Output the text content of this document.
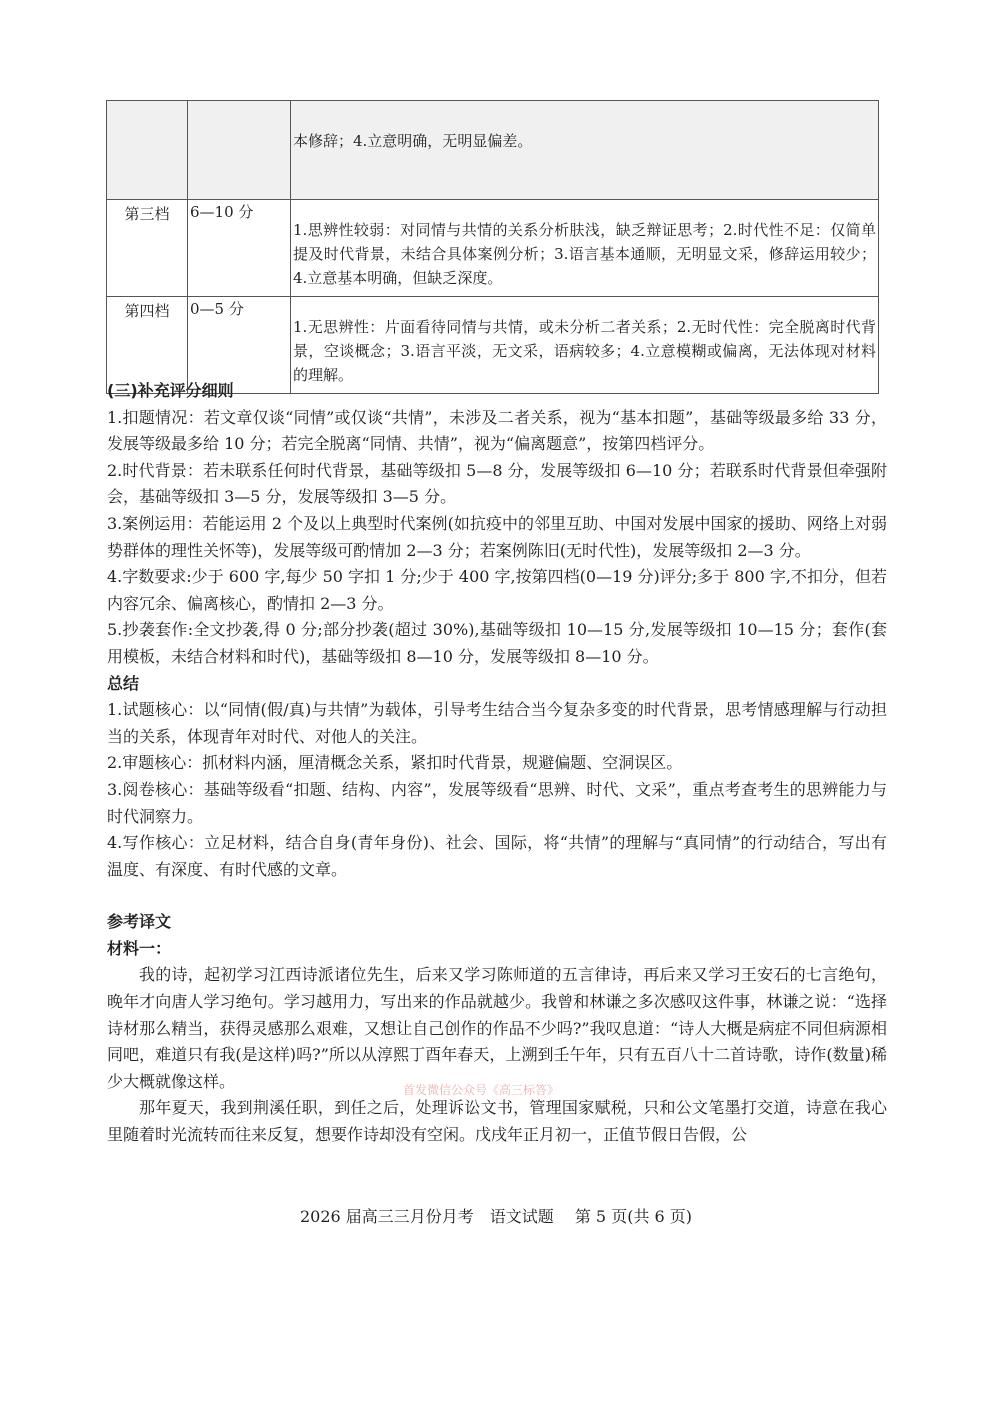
		本修辞；4.立意明确，无明显偏差。
第三档	6—10 分	1.思辨性较弱：对同情与共情的关系分析肤浅，缺乏辩证思考；2.时代性不足：仅简单提及时代背景，未结合具体案例分析；3.语言基本通顺，无明显文采，修辞运用较少；4.立意基本明确，但缺乏深度。
第四档	0—5 分	1.无思辨性：片面看待同情与共情，或未分析二者关系；2.无时代性：完全脱离时代背景，空谈概念；3.语言平淡，无文采，语病较多；4.立意模糊或偏离，无法体现对材料的理解。

(三)补充评分细则

1.扣题情况：若文章仅谈“同情”或仅谈“共情”，未涉及二者关系，视为“基本扣题”，基础等级最多给 33 分，发展等级最多给 10 分；若完全脱离“同情、共情”，视为“偏离题意”，按第四档评分。

2.时代背景：若未联系任何时代背景，基础等级扣 5—8 分，发展等级扣 6—10 分；若联系时代背景但牵强附会，基础等级扣 3—5 分，发展等级扣 3—5 分。

3.案例运用：若能运用 2 个及以上典型时代案例(如抗疫中的邻里互助、中国对发展中国家的援助、网络上对弱势群体的理性关怀等)，发展等级可酌情加 2—3 分；若案例陈旧(无时代性)，发展等级扣 2—3 分。

4.字数要求:少于 600 字,每少 50 字扣 1 分;少于 400 字,按第四档(0—19 分)评分;多于 800 字,不扣分，但若内容冗余、偏离核心，酌情扣 2—3 分。

5.抄袭套作:全文抄袭,得 0 分;部分抄袭(超过 30%),基础等级扣 10—15 分,发展等级扣 10—15 分；套作(套用模板，未结合材料和时代)，基础等级扣 8—10 分，发展等级扣 8—10 分。

总结

1.试题核心：以“同情(假/真)与共情”为载体，引导考生结合当今复杂多变的时代背景，思考情感理解与行动担当的关系，体现青年对时代、对他人的关注。

2.审题核心：抓材料内涵，厘清概念关系，紧扣时代背景，规避偏题、空洞误区。

3.阅卷核心：基础等级看“扣题、结构、内容”，发展等级看“思辨、时代、文采”，重点考查考生的思辨能力与时代洞察力。

4.写作核心：立足材料，结合自身(青年身份)、社会、国际，将“共情”的理解与“真同情”的行动结合，写出有温度、有深度、有时代感的文章。

参考译文

材料一：

我的诗，起初学习江西诗派诸位先生，后来又学习陈师道的五言律诗，再后来又学习王安石的七言绝句，晚年才向唐人学习绝句。学习越用力，写出来的作品就越少。我曾和林谦之多次感叹这件事，林谦之说：“选择诗材那么精当，获得灵感那么艰难，又想让自己创作的作品不少吗?”我叹息道：“诗人大概是病症不同但病源相同吧，难道只有我(是这样)吗?”所以从淳熙丁酉年春天，上溯到壬午年，只有五百八十二首诗歌，诗作(数量)稀少大概就像这样。

那年夏天，我到荆溪任职，到任之后，处理诉讼文书，管理国家赋税，只和公文笔墨打交道，诗意在我心里随着时光流转而往来反复，想要作诗却没有空闲。戊戌年正月初一，正值节假日告假，公

首发微信公众号《高三标答》
2026 届高三三月份月考　语文试题　 第 5 页(共 6 页)
